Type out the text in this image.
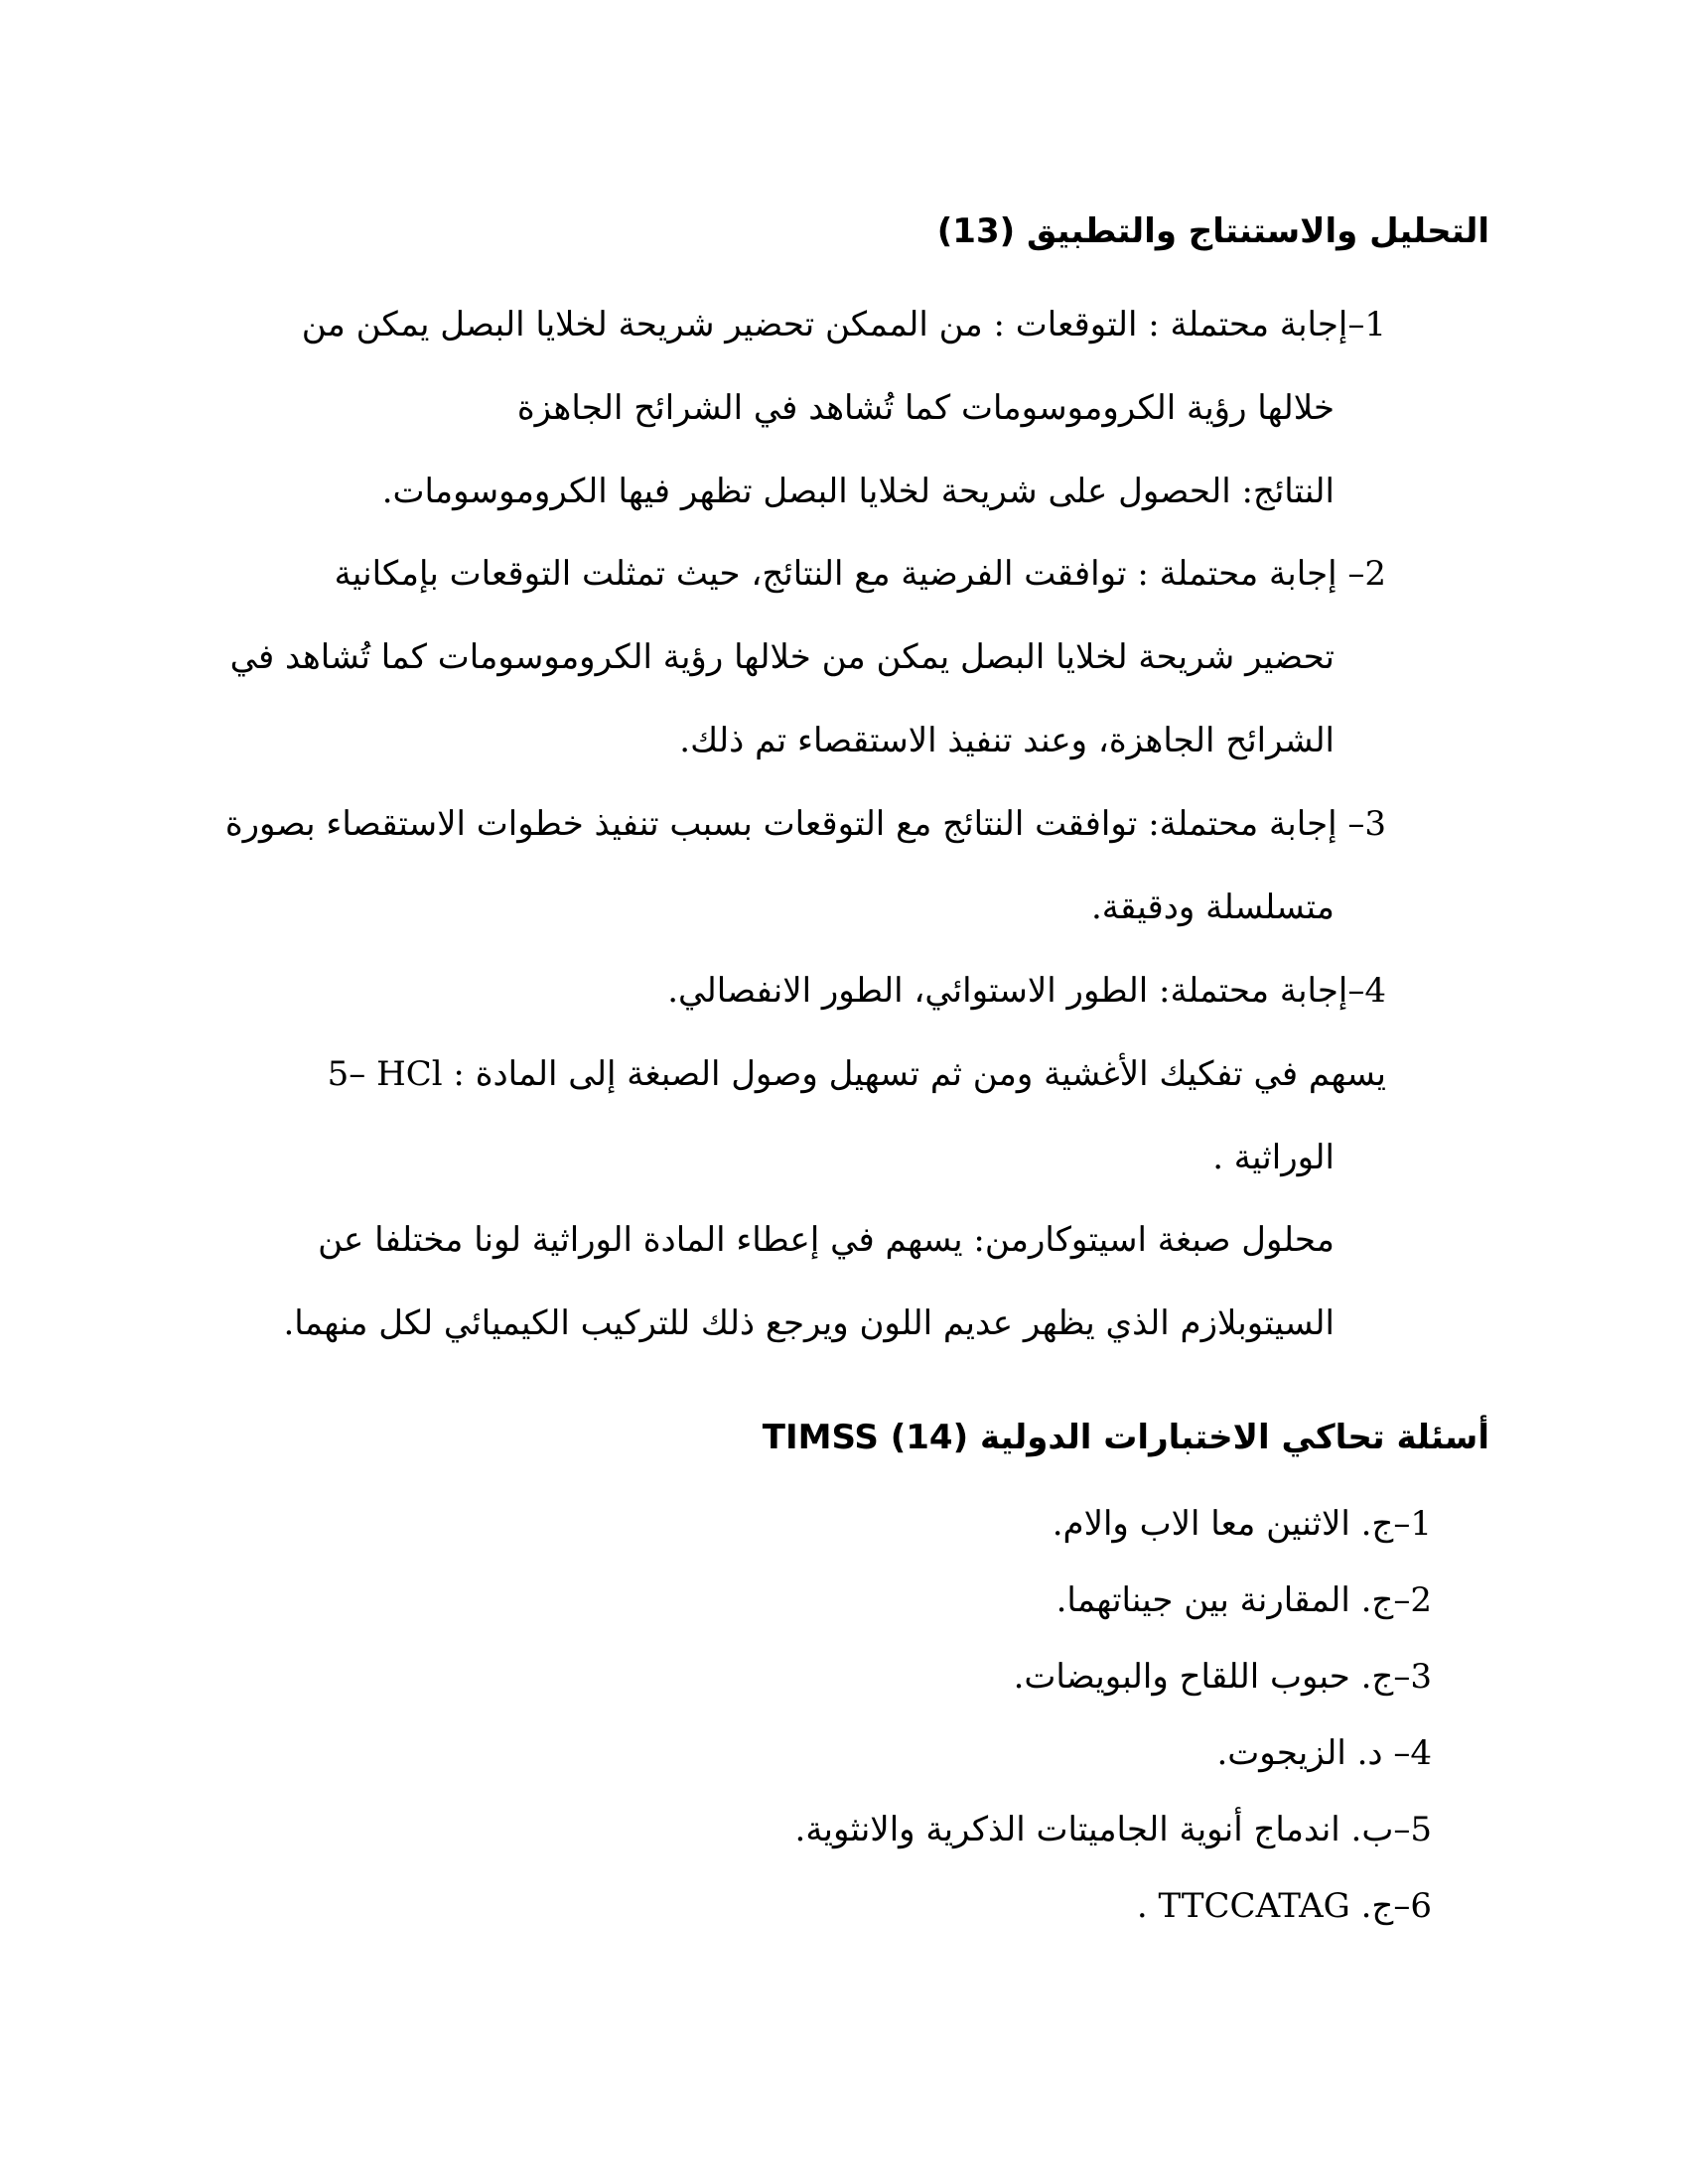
التحليل والاستنتاج والتطبيق (13)
1–إجابة محتملة : التوقعات : من الممكن تحضير شريحة لخلايا البصل يمكن من
خلالها رؤية الكروموسومات كما تُشاهد في الشرائح الجاهزة
النتائج: الحصول على شريحة لخلايا البصل تظهر فيها الكروموسومات.
2– إجابة محتملة : توافقت الفرضية مع النتائج، حيث تمثلت التوقعات بإمكانية
تحضير شريحة لخلايا البصل يمكن من خلالها رؤية الكروموسومات كما تُشاهد في
الشرائح الجاهزة، وعند تنفيذ الاستقصاء تم ذلك.
3– إجابة محتملة: توافقت النتائج مع التوقعات بسبب تنفيذ خطوات الاستقصاء بصورة
متسلسلة ودقيقة.
4–إجابة محتملة: الطور الاستوائي، الطور الانفصالي.
5– HCl : يسهم في تفكيك الأغشية ومن ثم تسهيل وصول الصبغة إلى المادة
الوراثية .
محلول صبغة اسيتوكارمن: يسهم في إعطاء المادة الوراثية لونا مختلفا عن
السيتوبلازم الذي يظهر عديم اللون ويرجع ذلك للتركيب الكيميائي لكل منهما.
أسئلة تحاكي الاختبارات الدولية TIMSS (14)
1–ج. الاثنين معا الاب والام.
2–ج. المقارنة بين جيناتهما.
3–ج. حبوب اللقاح والبويضات.
4– د. الزيجوت.
5–ب. اندماج أنوية الجاميتات الذكرية والانثوية.
6–ج. TTCCATAG .
